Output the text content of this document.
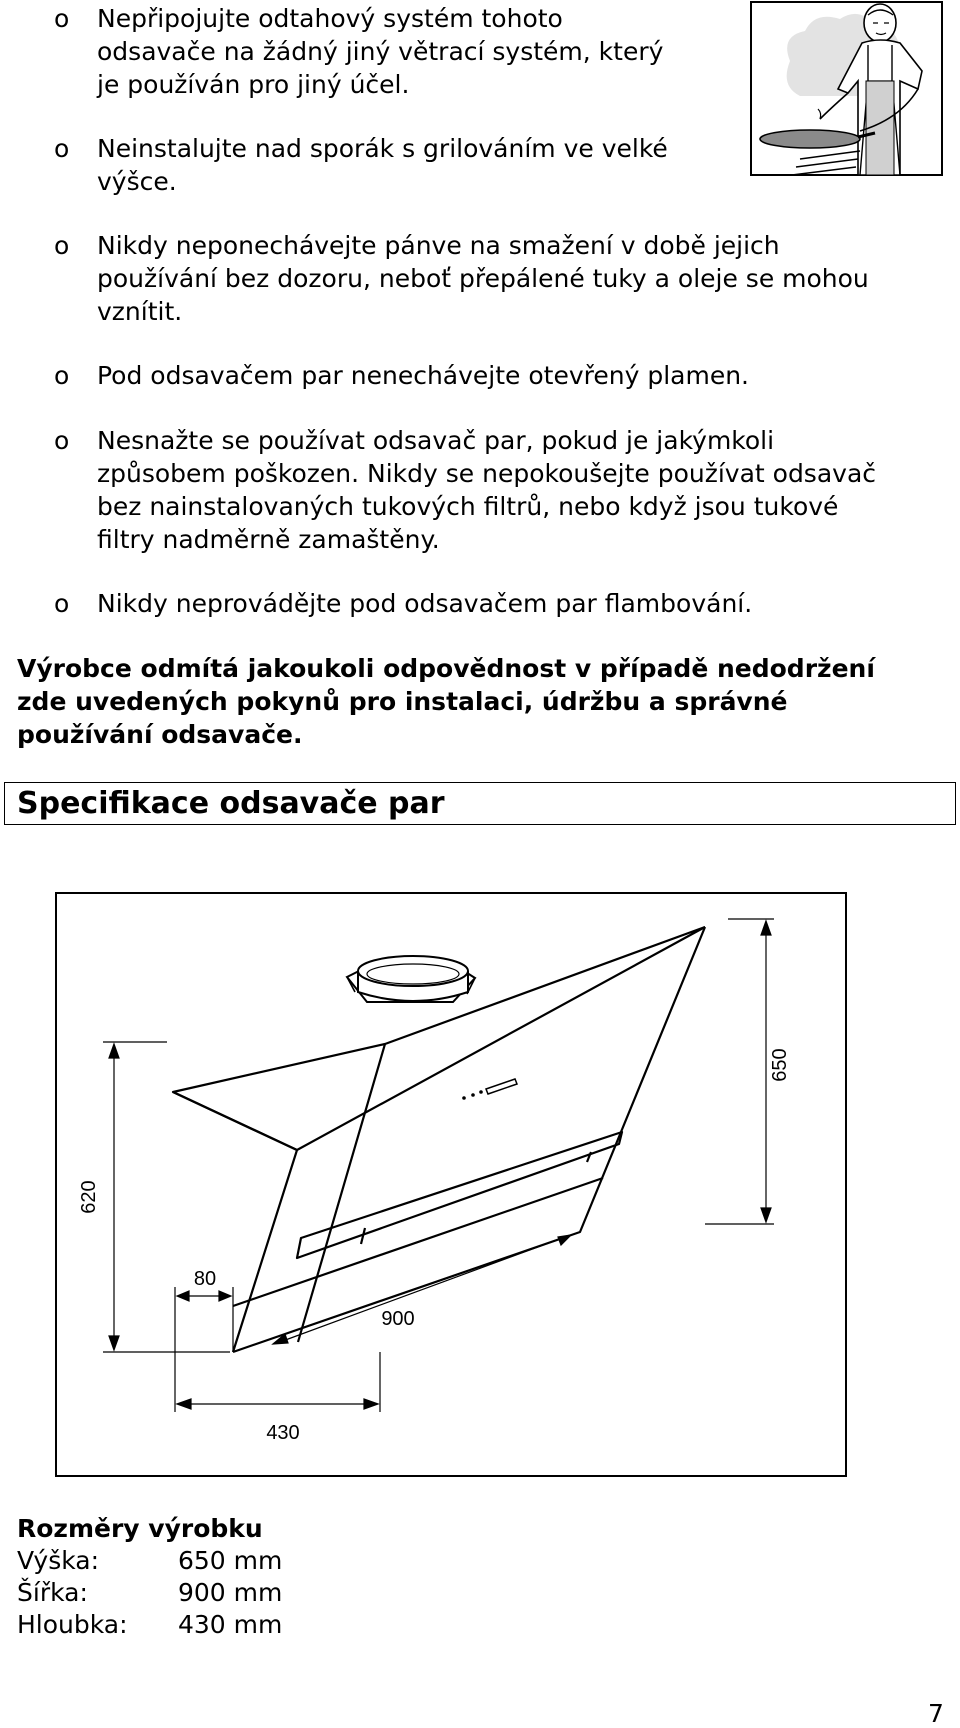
o Nepřipojujte odtahový systém tohoto
odsavače na žádný jiný větrací systém, který
je používán pro jiný účel.
o Neinstalujte nad sporák s grilováním ve velké
výšce.
o Nikdy neponechávejte pánve na smažení v době jejich
používání bez dozoru, neboť přepálené tuky a oleje se mohou
vznítit.
o Pod odsavačem par nenechávejte otevřený plamen.
o Nesnažte se používat odsavač par, pokud je jakýmkoli
způsobem poškozen. Nikdy se nepokoušejte používat odsavač
bez nainstalovaných tukových filtrů, nebo když jsou tukové
filtry nadměrně zamaštěny.
o Nikdy neprovádějte pod odsavačem par flambování.
Výrobce odmítá jakoukoli odpovědnost v případě nedodržení
zde uvedených pokynů pro instalaci, údržbu a správné
používání odsavače.
Specifikace odsavače par
650
620
80
900
430
Rozměry výrobku
Výška:	650 mm
Šířka:	900 mm
Hloubka:	430 mm
7
